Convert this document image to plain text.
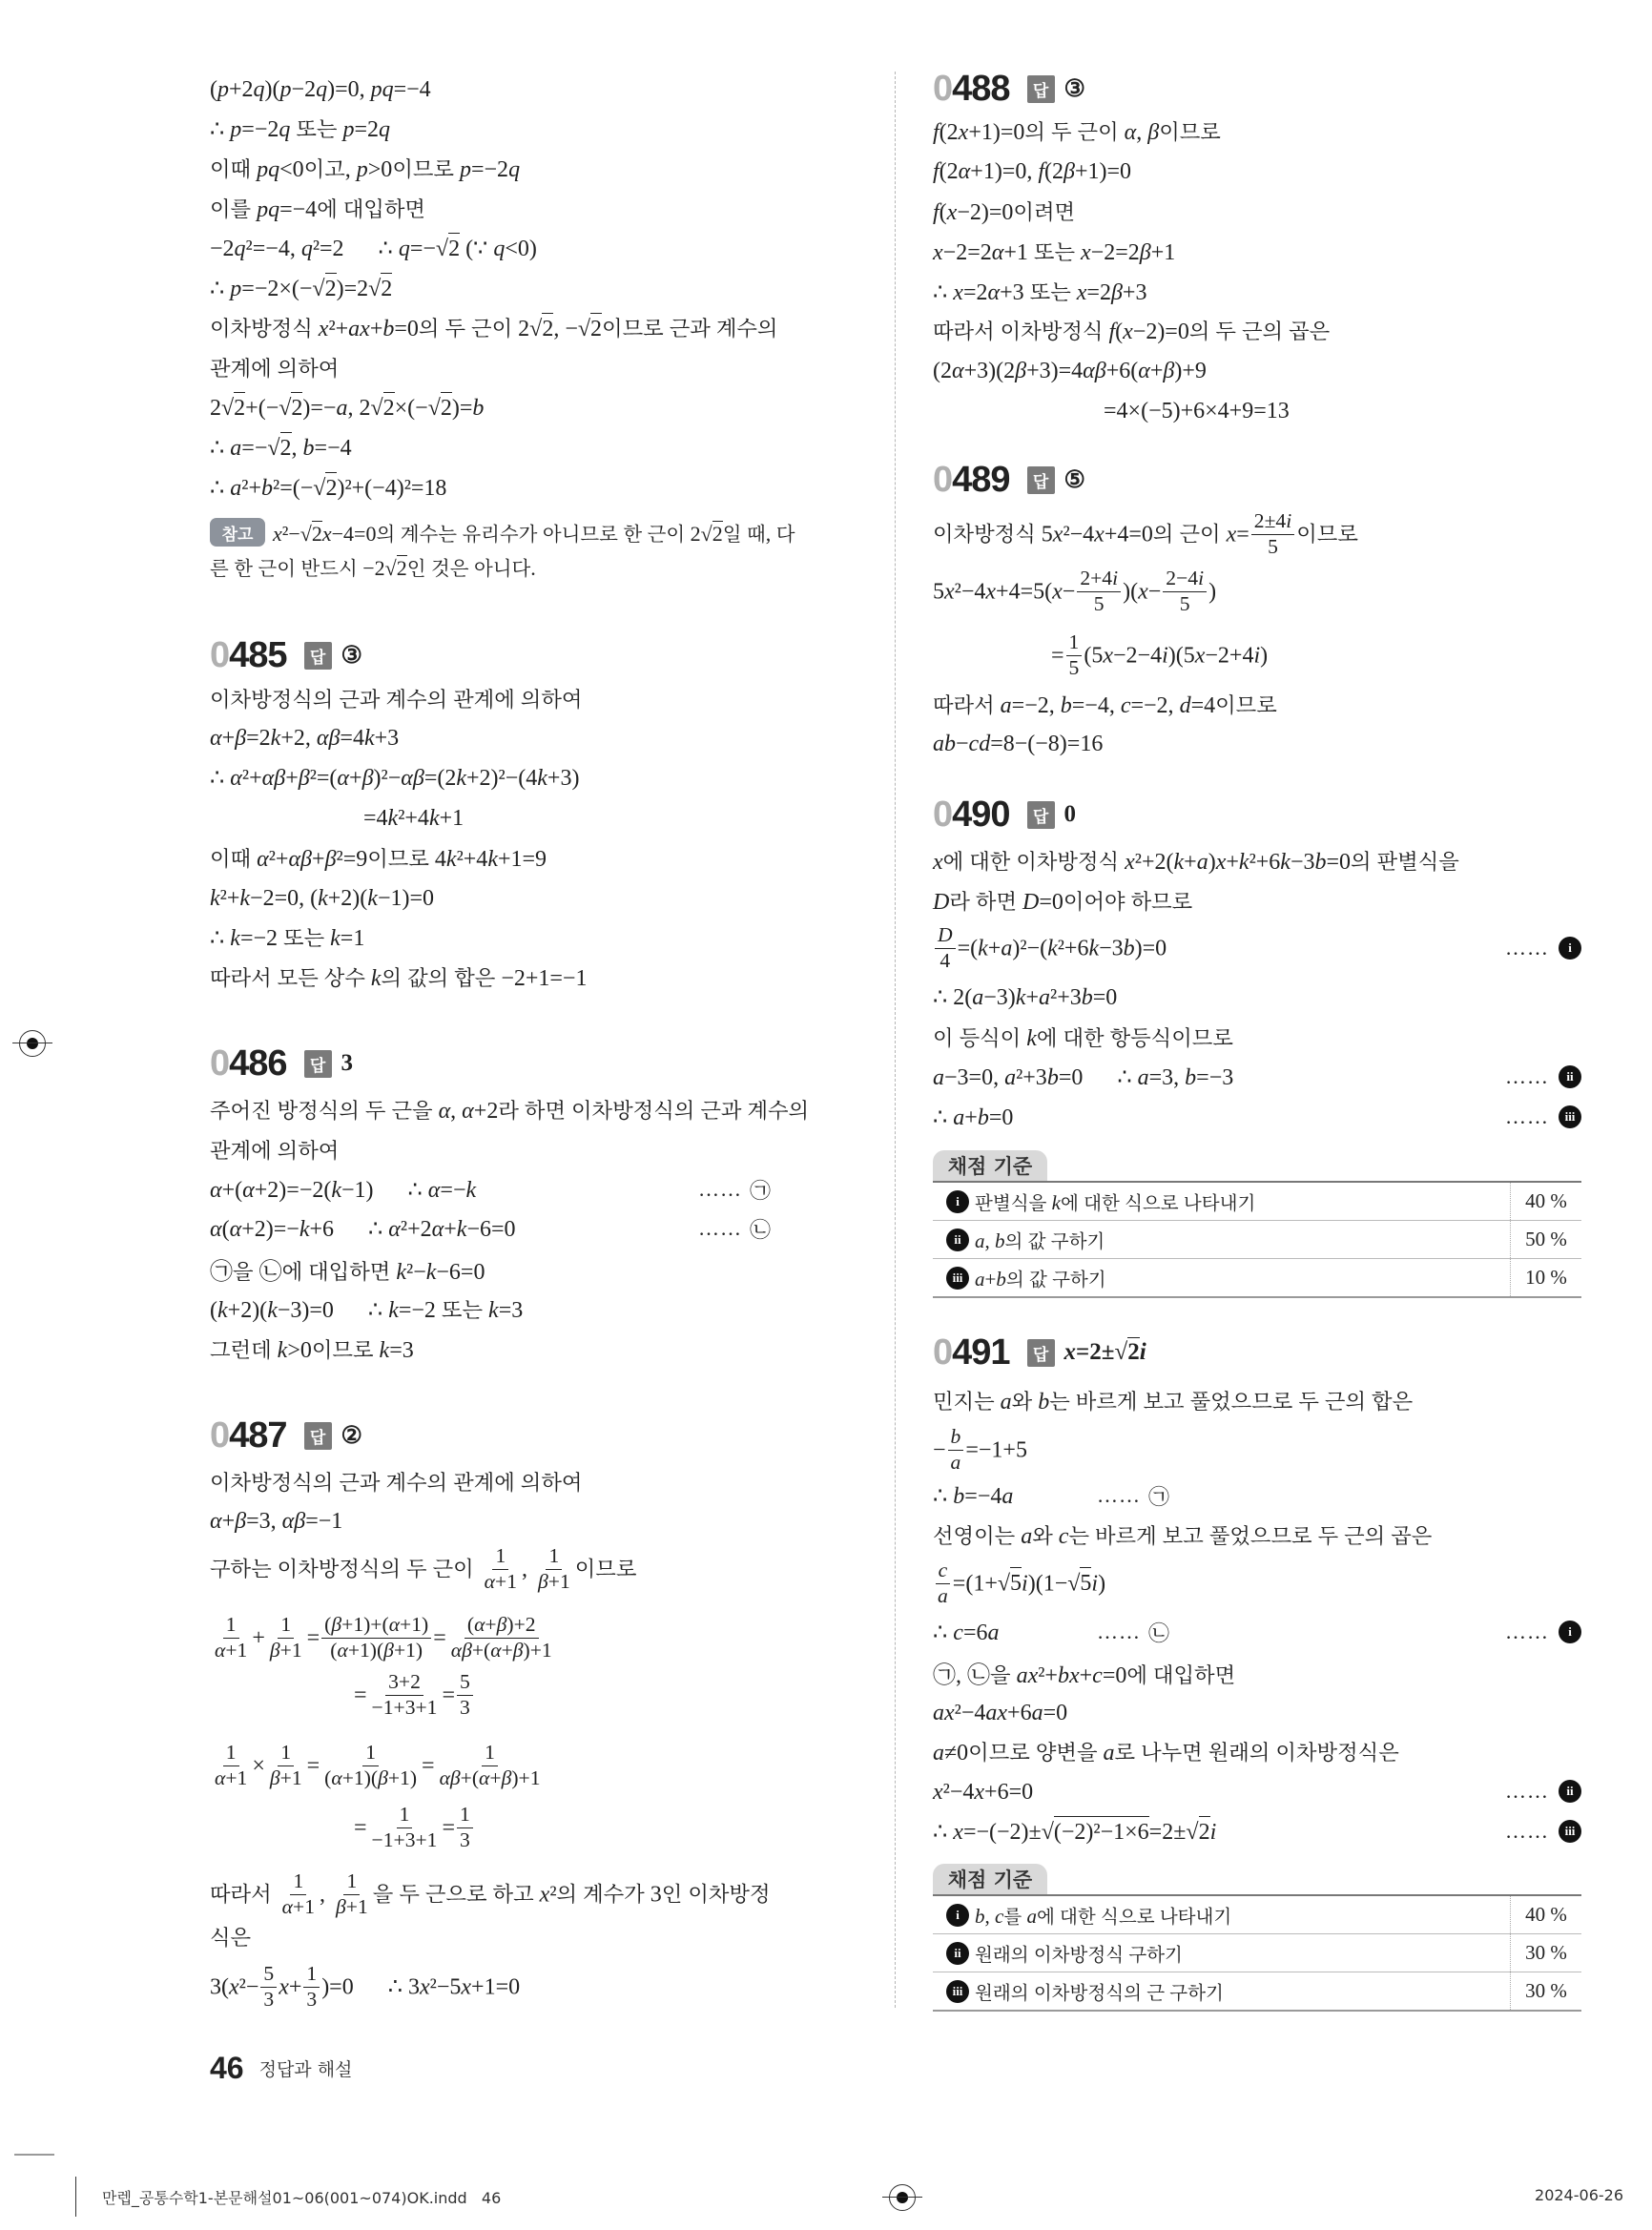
(p+2q)(p−2q)=0, pq=−4
∴ p=−2q 또는 p=2q
이때 pq<0이고, p>0이므로 p=−2q
이를 pq=−4에 대입하면
−2q²=−4, q²=2      ∴ q=−√2 (∵ q<0)
∴ p=−2×(−√2)=2√2
이차방정식 x²+ax+b=0의 두 근이 2√2, −√2이므로 근과 계수의
관계에 의하여
2√2+(−√2)=−a, 2√2×(−√2)=b
∴ a=−√2, b=−4
∴ a²+b²=(−√2)²+(−4)²=18
참고 x²−√2x−4=0의 계수는 유리수가 아니므로 한 근이 2√2일 때, 다
른 한 근이 반드시 −2√2인 것은 아니다.
0485	답 ③
이차방정식의 근과 계수의 관계에 의하여
α+β=2k+2, αβ=4k+3
∴ α²+αβ+β²=(α+β)²−αβ=(2k+2)²−(4k+3)
=4k²+4k+1
이때 α²+αβ+β²=9이므로 4k²+4k+1=9
k²+k−2=0, (k+2)(k−1)=0
∴ k=−2 또는 k=1
따라서 모든 상수 k의 값의 합은 −2+1=−1
0486	답 3
주어진 방정식의 두 근을 α, α+2라 하면 이차방정식의 근과 계수의
관계에 의하여
α+(α+2)=−2(k−1)      ∴ α=−k	…… ㉠
α(α+2)=−k+6      ∴ α²+2α+k−6=0	…… ㉡
㉠을 ㉡에 대입하면 k²−k−6=0
(k+2)(k−3)=0      ∴ k=−2 또는 k=3
그런데 k>0이므로 k=3
0487	답 ②
이차방정식의 근과 계수의 관계에 의하여
α+β=3, αβ=−1
구하는 이차방정식의 두 근이 $\frac{1}{\alpha+1}$ , $\frac{1}{\beta+1}$ 이므로
$\frac{1}{\alpha+1} + \frac{1}{\beta+1} = \frac{(\beta+1)+(\alpha+1)}{(\alpha+1)(\beta+1)} = \frac{(\alpha+\beta)+2}{\alpha\beta+(\alpha+\beta)+1}$
= $\frac{3+2}{-1+3+1} = \frac{5}{3}$
$\frac{1}{\alpha+1} \times \frac{1}{\beta+1} = \frac{1}{(\alpha+1)(\beta+1)} = \frac{1}{\alpha\beta+(\alpha+\beta)+1}$
= $\frac{1}{-1+3+1} = \frac{1}{3}$
따라서 $\frac{1}{\alpha+1}$ , $\frac{1}{\beta+1}$ 을 두 근으로 하고 x²의 계수가 3인 이차방정
식은
$3(x^2- \frac{5}{3} x+ \frac{1}{3} )=0$      ∴ 3x²−5x+1=0
0488	답 ③
f(2x+1)=0의 두 근이 α, β이므로
f(2α+1)=0, f(2β+1)=0
f(x−2)=0이려면
x−2=2α+1 또는 x−2=2β+1
∴ x=2α+3 또는 x=2β+3
따라서 이차방정식 f(x−2)=0의 두 근의 곱은
(2α+3)(2β+3)=4αβ+6(α+β)+9
=4×(−5)+6×4+9=13
0489	답 ⑤
이차방정식 5x²−4x+4=0의 근이 $x= \frac{2\pm 4i}{5}$ 이므로
$5x^2-4x+4=5(x- \frac{2+4i}{5} )(x- \frac{2-4i}{5}$ )
= $\frac{1}{5} (5x-2-4i)(5x-2+4i)$
따라서 a=−2, b=−4, c=−2, d=4이므로
ab−cd=8−(−8)=16
0490	답 0
x에 대한 이차방정식 x²+2(k+a)x+k²+6k−3b=0의 판별식을
D라 하면 D=0이어야 하므로
$\frac{D}{4} =(k+a)^2-(k^2+6k-3b)=0$	……	i
∴ 2(a−3)k+a²+3b=0
이 등식이 k에 대한 항등식이므로
a−3=0, a²+3b=0      ∴ a=3, b=−3	……	ii
∴ a+b=0	……	iii
채점 기준
i 판별식을 k에 대한 식으로 나타내기	40 %
ii a, b의 값 구하기	50 %
iii a+b의 값 구하기	10 %
0491	답 x=2±√2i
민지는 a와 b는 바르게 보고 풀었으므로 두 근의 합은
− $\frac{b}{a} =-1+5$
∴ b=−4a	…… ㉠
선영이는 a와 c는 바르게 보고 풀었으므로 두 근의 곱은
$\frac{c}{a} =(1+√5i)(1-√5i)$
∴ c=6a	…… ㉡	……	i
㉠, ㉡을 ax²+bx+c=0에 대입하면
ax²−4ax+6a=0
a≠0이므로 양변을 a로 나누면 원래의 이차방정식은
x²−4x+6=0	……	ii
∴ x=−(−2)±√(−2)²−1×6=2±√2i	……	iii
채점 기준
i b, c를 a에 대한 식으로 나타내기	40 %
ii 원래의 이차방정식 구하기	30 %
iii 원래의 이차방정식의 근 구하기	30 %
46 정답과 해설
만렙_공통수학1-본문해설01~06(001~074)OK.indd   46	2024-06-26
